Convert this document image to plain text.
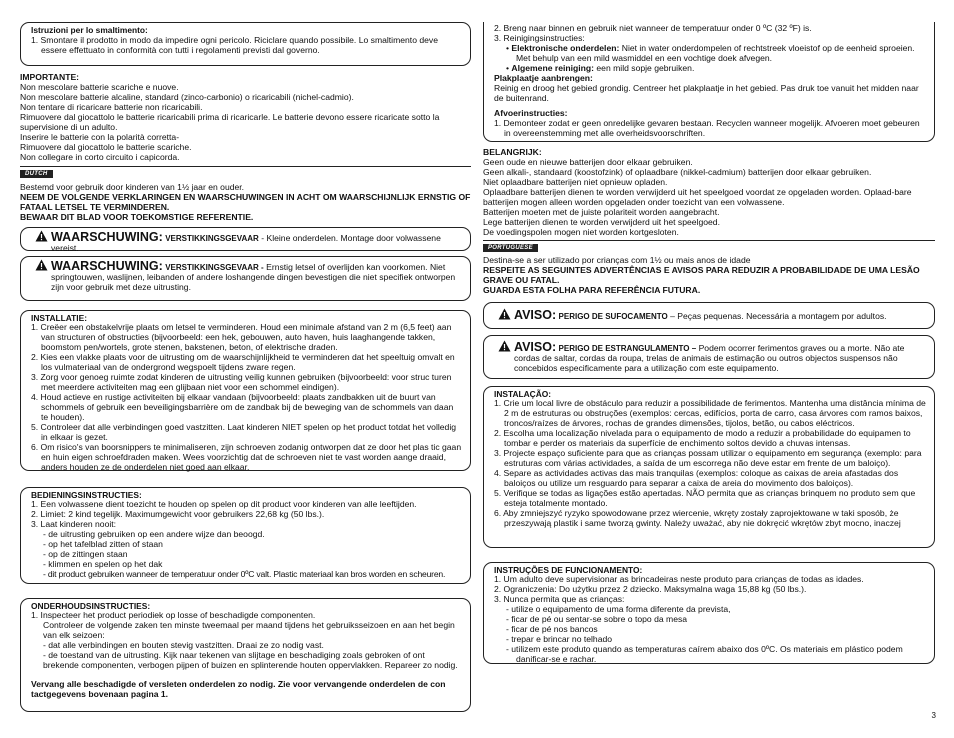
Istruzioni per lo smaltimento:

1. Smontare il prodotto in modo da impedire ogni pericolo. Riciclare quando possibile. Lo smaltimento deve essere effettuato in conformità con tutti i regolamenti previsti dal governo.

IMPORTANTE:

Non mescolare batterie scariche e nuove.

Non mescolare batterie alcaline, standard (zinco-carbonio) o ricaricabili (nichel-cadmio).

Non tentare di ricaricare batterie non ricaricabili.

Rimuovere dal giocattolo le batterie ricaricabili prima di ricaricarle. Le batterie devono essere ricaricate sotto la supervisione di un adulto.

Inserire le batterie con la polarità corretta-

Rimuovere dal giocattolo le batterie scariche.

Non collegare in corto circuito i capicorda.

DUTCH

Bestemd voor gebruik door kinderen van 1½ jaar en ouder.

NEEM DE VOLGENDE VERKLARINGEN EN WAARSCHUWINGEN IN ACHT OM WAARSCHIJNLIJK ERNSTIG OF FATAAL LETSEL TE VERMINDEREN.

BEWAAR DIT BLAD VOOR TOEKOMSTIGE REFERENTIE.

WAARSCHUWING: VERSTIKKINGSGEVAAR - Kleine onderdelen. Montage door volwassene vereist.
WAARSCHUWING: VERSTIKKINGSGEVAAR - Ernstig letsel of overlijden kan voorkomen. Niet springtouwen, waslijnen, leibanden of andere loshangende dingen bevestigen die niet specifiek ontworpen zijn voor gebruik met deze uitrusting.
INSTALLATIE:

1. Creëer een obstakelvrije plaats om letsel te verminderen. Houd een minimale afstand van 2 m (6,5 feet) aan van structuren of obstructies (bijvoorbeeld: een hek, gebouwen, auto haven, huis laaghangende takken, boomstom pen/wortels, grote stenen, bakstenen, beton, of elektrische draden.

2. Kies een vlakke plaats voor de uitrusting om de waarschijnlijkheid te verminderen dat het speeltuig omvalt en los vulmateriaal van de ondergrond wegspoelt tijdens zware regen.

3. Zorg voor genoeg ruimte zodat kinderen de uitrusting veilig kunnen gebruiken (bijvoorbeeld: voor struc turen met meerdere activiteiten mag een glijbaan niet voor een schommel eindigen).

4. Houd actieve en rustige activiteiten bij elkaar vandaan (bijvoorbeeld: plaats zandbakken uit de buurt van schommels of gebruik een beveiligingsbarrière om de zandbak bij de beweging van de schommels van daan te houden).

5. Controleer dat alle verbindingen goed vastzitten. Laat kinderen NIET spelen op het product totdat het volledig in elkaar is gezet.

6. Om risico's van boorsnippers te minimaliseren, zijn schroeven zodanig ontworpen dat ze door het plas tic gaan en huin eigen schroefdraden maken. Wees voorzichtig dat de schroeven niet te vast worden aange draaid, anders houden ze de onderdelen niet goed aan elkaar.

BEDIENINGSINSTRUCTIES:

1. Een volwassene dient toezicht te houden op spelen op dit product voor kinderen van alle leeftijden.

2. Limiet: 2 kind tegelijk. Maximumgewicht voor gebruikers 22,68 kg (50 lbs.).

3. Laat kinderen nooit:

- de uitrusting gebruiken op een andere wijze dan beoogd.

- op het tafelblad zitten of staan

- op de zittingen staan

- klimmen en spelen op het dak

- dit product gebruiken wanneer de temperatuur onder 0ºC valt. Plastic materiaal kan bros worden en scheuren.

ONDERHOUDSINSTRUCTIES:

1. Inspecteer het product periodiek op losse of beschadigde componenten.

Controleer de volgende zaken ten minste tweemaal per maand tijdens het gebruiksseizoen en aan het begin van elk seizoen:

- dat alle verbindingen en bouten stevig vastzitten. Draai ze zo nodig vast.

- de toestand van de uitrusting. Kijk naar tekenen van slijtage en beschadiging zoals gebroken of ont brekende componenten, verbogen pijpen of buizen en splinterende houten oppervlakken. Repareer zo nodig.

Vervang alle beschadigde of versleten onderdelen zo nodig. Zie voor vervangende onderdelen de con tactgegevens bovenaan pagina 1.

2. Breng naar binnen en gebruik niet wanneer de temperatuur onder 0 ºC (32 ºF) is.

3. Reinigingsinstructies:

• Elektronische onderdelen: Niet in water onderdompelen of rechtstreek vloeistof op de eenheid sproeien. Met behulp van een mild wasmiddel en een vochtige doek afvegen.

• Algemene reiniging: een mild sopje gebruiken.

Plakplaatje aanbrengen:

Reinig en droog het gebied grondig. Centreer het plakplaatje in het gebied. Pas druk toe vanuit het midden naar de buitenrand.

Afvoerinstructies:

1. Demonteer zodat er geen onredelijke gevaren bestaan. Recyclen wanneer mogelijk. Afvoeren moet gebeuren in overeenstemming met alle overheidsvoorschriften.

BELANGRIJK:

Geen oude en nieuwe batterijen door elkaar gebruiken.

Geen alkali-, standaard (koostofzink) of oplaadbare (nikkel-cadmium) batterijen door elkaar gebruiken.

Niet oplaadbare batterijen niet opnieuw opladen.

Oplaadbare batterijen dienen te worden verwijderd uit het speelgoed voordat ze opgeladen worden. Oplaad-bare batterijen mogen alleen worden opgeladen onder toezicht van een volwassene.

Batterijen moeten met de juiste polariteit worden aangebracht.

Lege batterijen dienen te worden verwijderd uit het speelgoed.

De voedingspolen mogen niet worden kortgesloten.

PORTUGUESE

Destina-se a ser utilizado por crianças com 1½ ou mais anos de idade

RESPEITE AS SEGUINTES ADVERTÊNCIAS E AVISOS PARA REDUZIR A PROBABILIDADE DE UMA LESÃO GRAVE OU FATAL.

GUARDA ESTA FOLHA PARA REFERÊNCIA FUTURA.

AVISO: PERIGO DE SUFOCAMENTO – Peças pequenas. Necessária a montagem por adultos.
AVISO: PERIGO DE ESTRANGULAMENTO – Podem ocorrer ferimentos graves ou a morte. Não ate cordas de saltar, cordas da roupa, trelas de animais de estimação ou outros objectos suspensos não concebidos especificamente para a utilização com este equipamento.
INSTALAÇÃO:

1. Crie um local livre de obstáculo para reduzir a possibilidade de ferimentos. Mantenha uma distância mínima de 2 m de estruturas ou obstruções (exemplos: cercas, edifícios, porta de carro, casa árvores com ramos baixos, troncos/raízes de árvores, rochas de grandes dimensões, tijolos, betão, ou cabos eléctricos.

2. Escolha uma localização nivelada para o equipamento de modo a reduzir a probabilidade do equipamen to tombar e perder os materiais da superfície de enchimento soltos devido a chuvas intensas.

3. Projecte espaço suficiente para que as crianças possam utilizar o equipamento em segurança (exemplo: para estruturas com várias actividades, a saída de um escorrega não deve estar em frente de um baloiço).

4. Separe as actividades activas das mais tranquilas (exemplos: coloque as caixas de areia afastadas dos baloiços ou utilize um resguardo para separar a caixa de areia do movimento dos baloiços).

5. Verifique se todas as ligações estão apertadas. NÃO permita que as crianças brinquem no produto sem que esteja totalmente montado.

6. Aby zmniejszyć ryzyko spowodowane przez wiercenie, wkręty zostały zaprojektowane w taki sposób, że przeszywają plastik i same tworzą gwinty. Należy uważać, aby nie dokręcić wkrętów zbyt mocno, inaczej

INSTRUÇÕES DE FUNCIONAMENTO:

1. Um adulto deve supervisionar as brincadeiras neste produto para crianças de todas as idades.

2. Ograniczenia: Do użytku przez 2 dziecko. Maksymalna waga 15,88 kg (50 lbs.).

3. Nunca permita que as crianças:

- utilize o equipamento de uma forma diferente da prevista,

- ficar de pé ou sentar-se sobre o topo da mesa

- ficar de pé nos bancos

- trepar e brincar no telhado

- utilizem este produto quando as temperaturas caírem abaixo dos 0ºC. Os materiais em plástico podem danificar-se e rachar.

3
